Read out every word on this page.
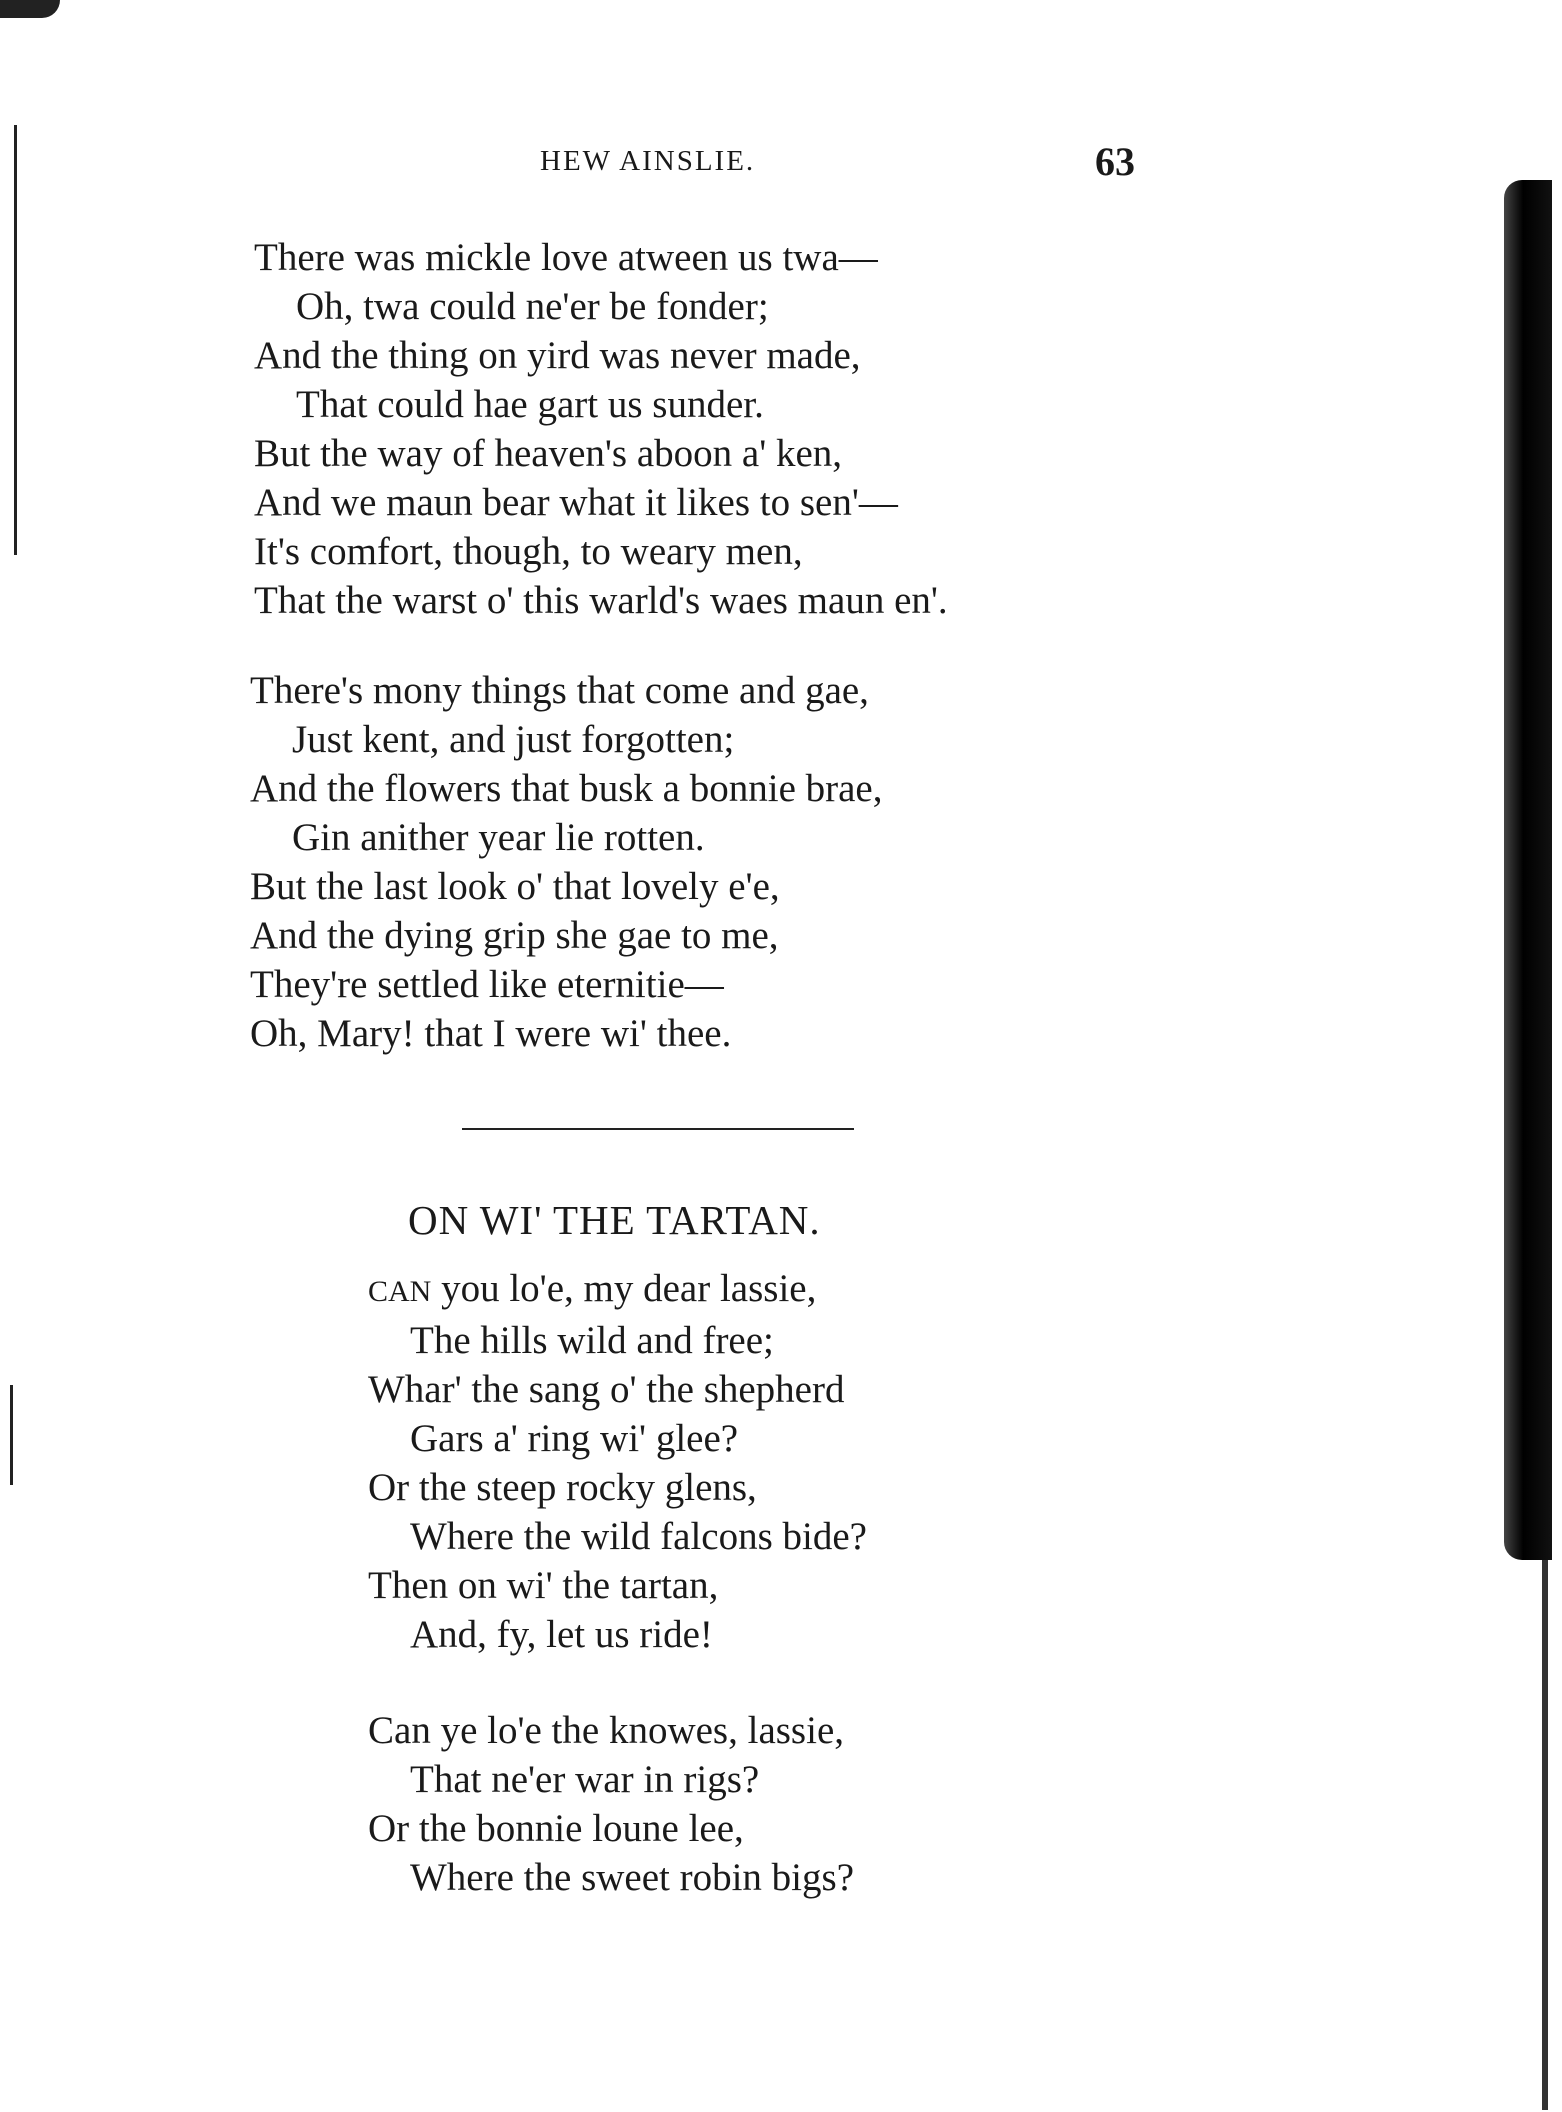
HEW AINSLIE.	63
There was mickle love atween us twa—
Oh, twa could ne'er be fonder;
And the thing on yird was never made,
That could hae gart us sunder.
But the way of heaven's aboon a' ken,
And we maun bear what it likes to sen'—
It's comfort, though, to weary men,
That the warst o' this warld's waes maun en'.
There's mony things that come and gae,
Just kent, and just forgotten;
And the flowers that busk a bonnie brae,
Gin anither year lie rotten.
But the last look o' that lovely e'e,
And the dying grip she gae to me,
They're settled like eternitie—
Oh, Mary! that I were wi' thee.
ON WI' THE TARTAN.
CAN you lo'e, my dear lassie,
The hills wild and free;
Whar' the sang o' the shepherd
Gars a' ring wi' glee?
Or the steep rocky glens,
Where the wild falcons bide?
Then on wi' the tartan,
And, fy, let us ride!
Can ye lo'e the knowes, lassie,
That ne'er war in rigs?
Or the bonnie loune lee,
Where the sweet robin bigs?
